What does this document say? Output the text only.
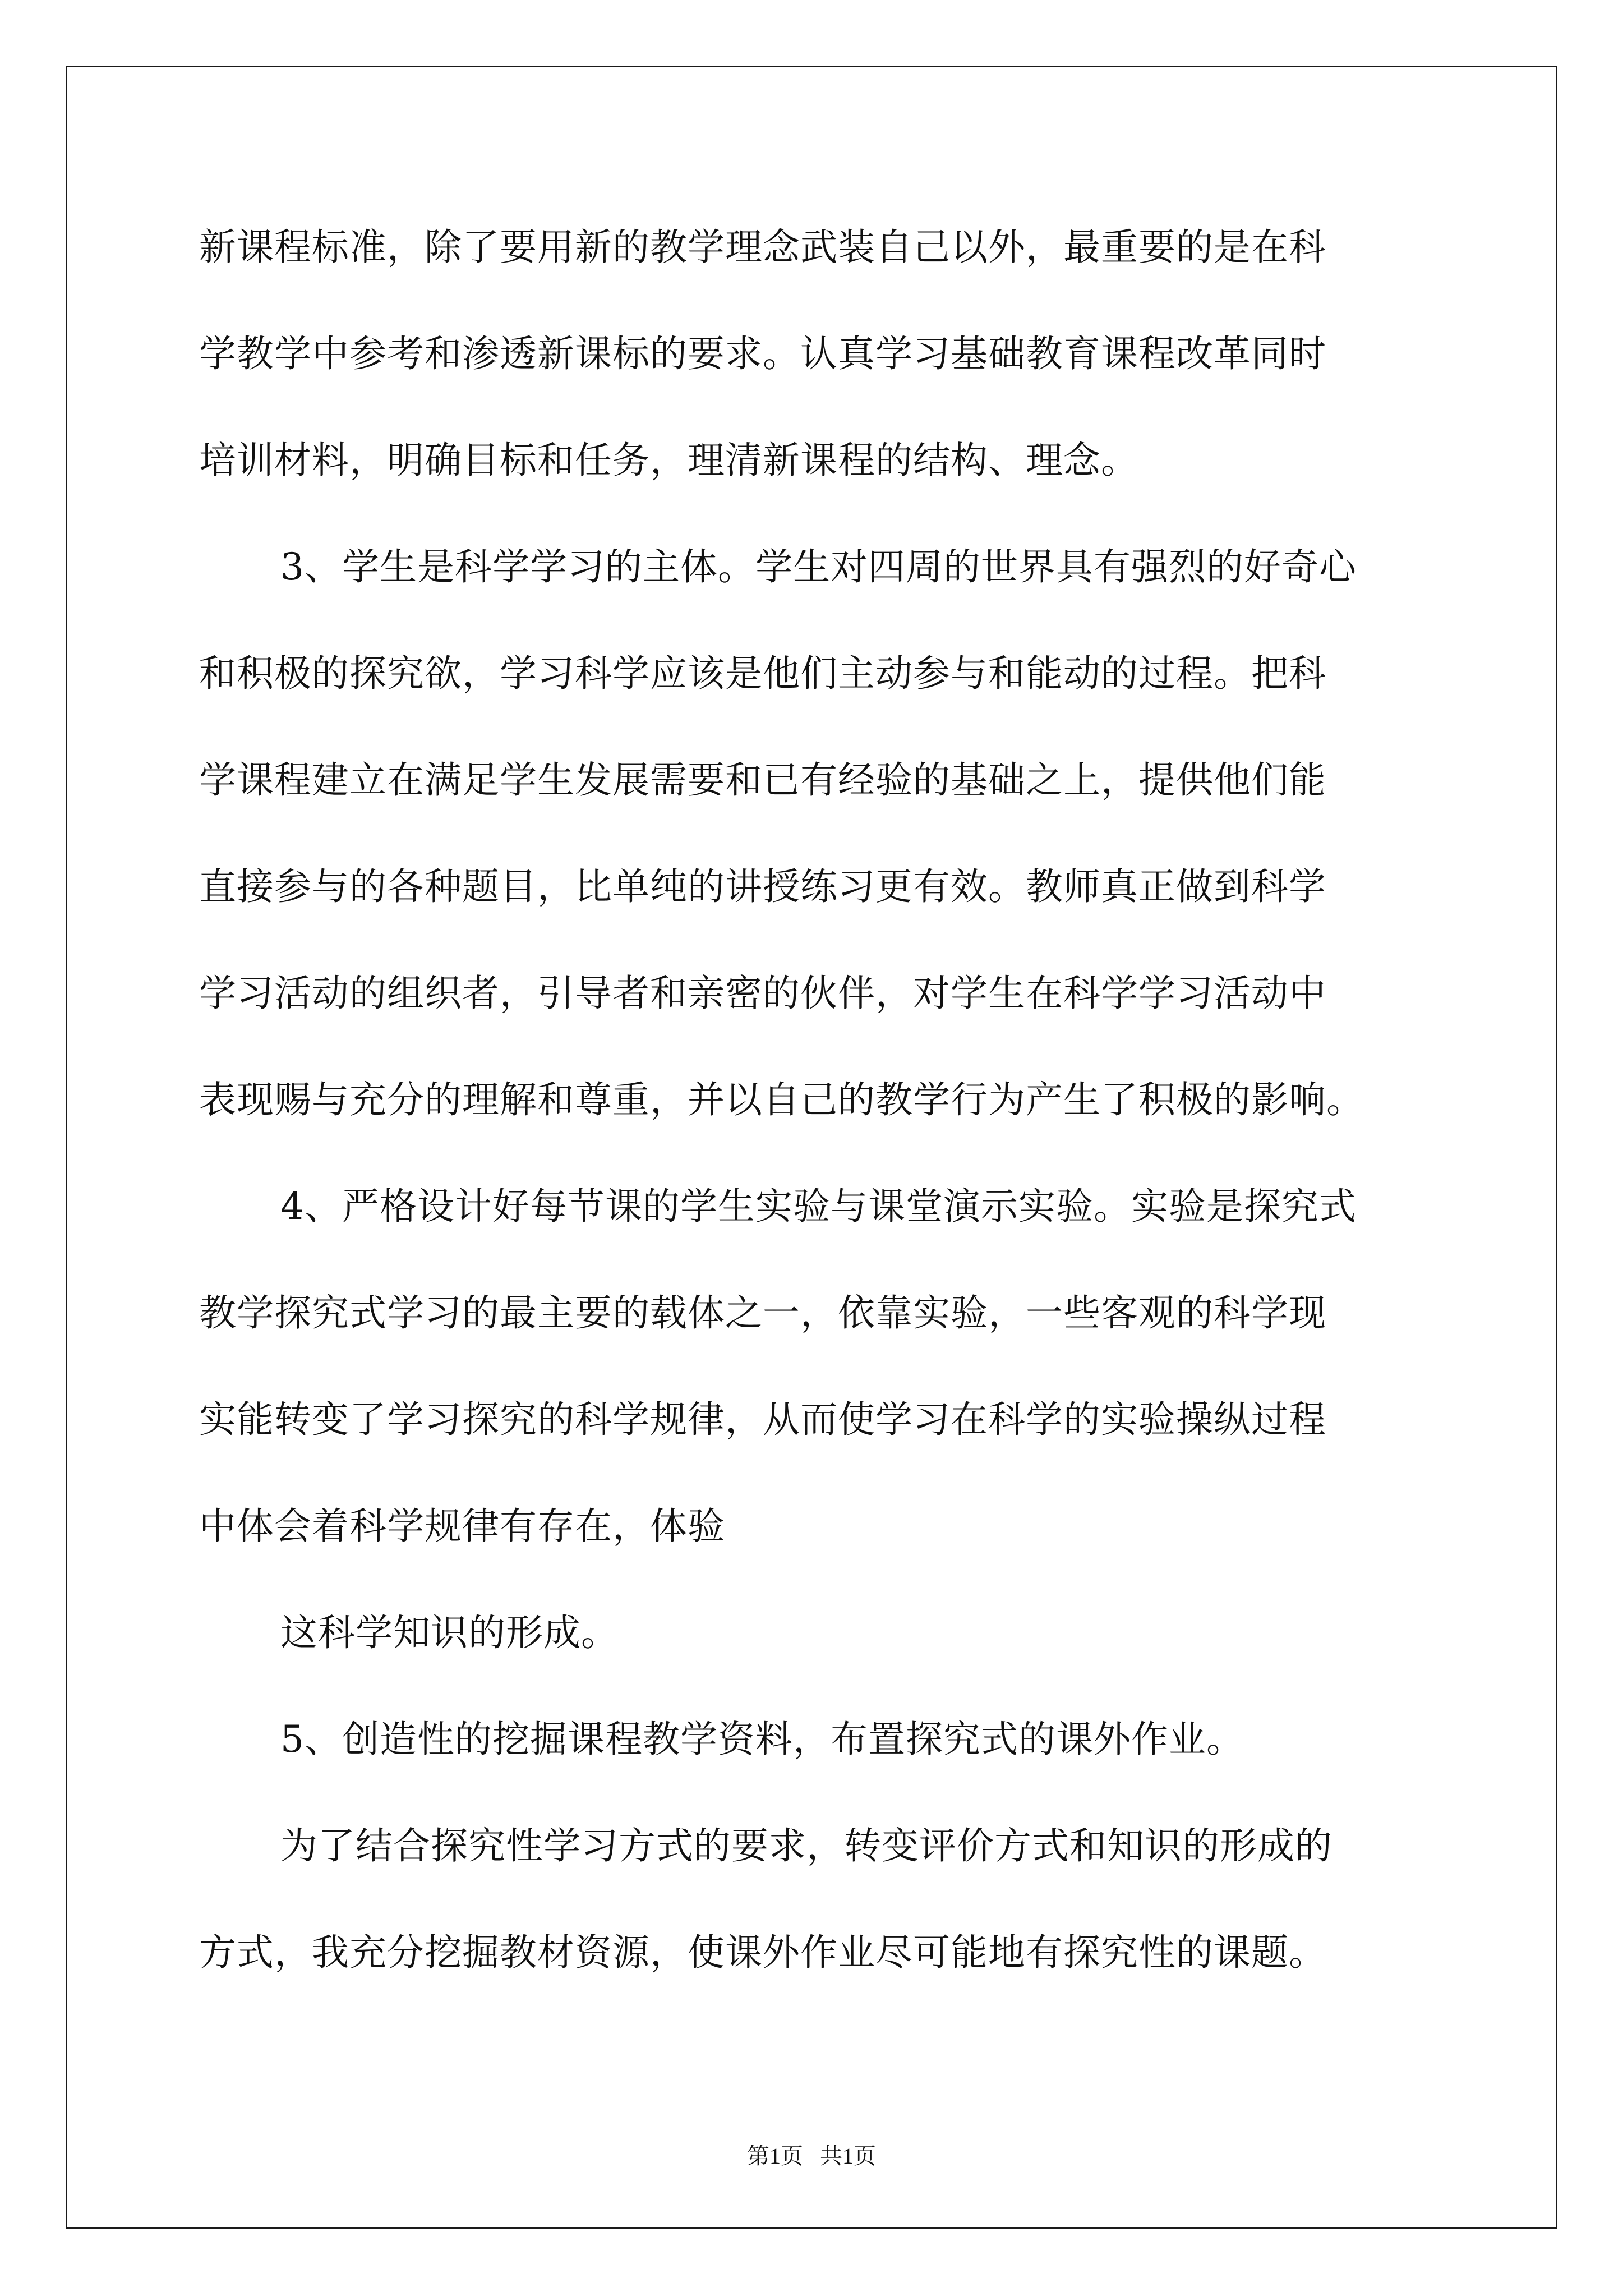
新课程标准，除了要用新的教学理念武装自己以外，最重要的是在科
学教学中参考和渗透新课标的要求。认真学习基础教育课程改革同时
培训材料，明确目标和任务，理清新课程的结构、理念。
3、学生是科学学习的主体。学生对四周的世界具有强烈的好奇心
和积极的探究欲，学习科学应该是他们主动参与和能动的过程。把科
学课程建立在满足学生发展需要和已有经验的基础之上，提供他们能
直接参与的各种题目，比单纯的讲授练习更有效。教师真正做到科学
学习活动的组织者，引导者和亲密的伙伴，对学生在科学学习活动中
表现赐与充分的理解和尊重，并以自己的教学行为产生了积极的影响。
4、严格设计好每节课的学生实验与课堂演示实验。实验是探究式
教学探究式学习的最主要的载体之一，依靠实验，一些客观的科学现
实能转变了学习探究的科学规律，从而使学习在科学的实验操纵过程
中体会着科学规律有存在，体验
这科学知识的形成。
5、创造性的挖掘课程教学资料，布置探究式的课外作业。
为了结合探究性学习方式的要求，转变评价方式和知识的形成的
方式，我充分挖掘教材资源，使课外作业尽可能地有探究性的课题。
第1页   共1页
